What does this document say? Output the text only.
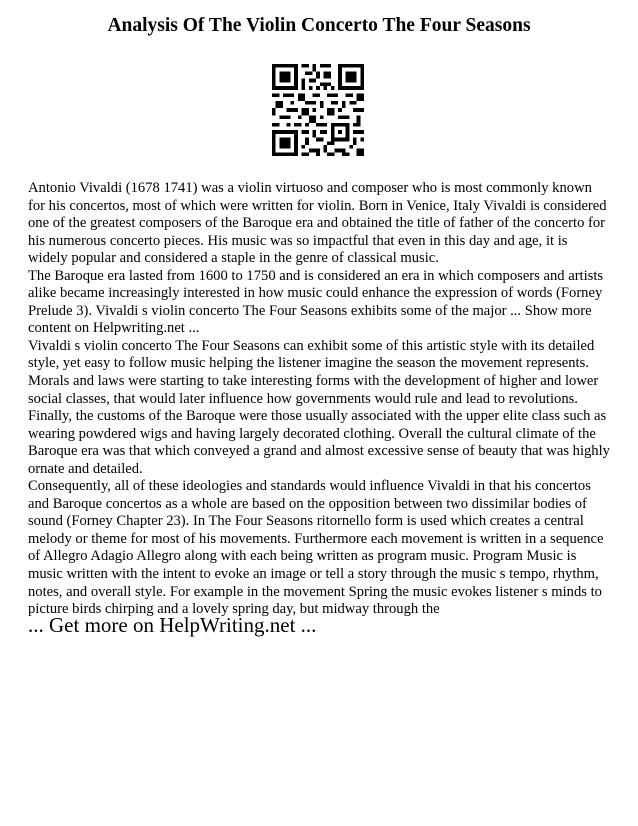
Analysis Of The Violin Concerto The Four Seasons

Antonio Vivaldi (1678 1741) was a violin virtuoso and composer who is most commonly known for his concertos, most of which were written for violin. Born in Venice, Italy Vivaldi is considered one of the greatest composers of the Baroque era and obtained the title of father of the concerto for his numerous concerto pieces. His music was so impactful that even in this day and age, it is widely popular and considered a staple in the genre of classical music.

The Baroque era lasted from 1600 to 1750 and is considered an era in which composers and artists alike became increasingly interested in how music could enhance the expression of words (Forney Prelude 3). Vivaldi s violin concerto The Four Seasons exhibits some of the major ... Show more content on Helpwriting.net ...

Vivaldi s violin concerto The Four Seasons can exhibit some of this artistic style with its detailed style, yet easy to follow music helping the listener imagine the season the movement represents. Morals and laws were starting to take interesting forms with the development of higher and lower social classes, that would later influence how governments would rule and lead to revolutions. Finally, the customs of the Baroque were those usually associated with the upper elite class such as wearing powdered wigs and having largely decorated clothing. Overall the cultural climate of the Baroque era was that which conveyed a grand and almost excessive sense of beauty that was highly ornate and detailed.

Consequently, all of these ideologies and standards would influence Vivaldi in that his concertos and Baroque concertos as a whole are based on the opposition between two dissimilar bodies of sound (Forney Chapter 23). In The Four Seasons ritornello form is used which creates a central melody or theme for most of his movements. Furthermore each movement is written in a sequence of Allegro Adagio Allegro along with each being written as program music. Program Music is music written with the intent to evoke an image or tell a story through the music s tempo, rhythm, notes, and overall style. For example in the movement Spring the music evokes listener s minds to picture birds chirping and a lovely spring day, but midway through the

... Get more on HelpWriting.net ...
